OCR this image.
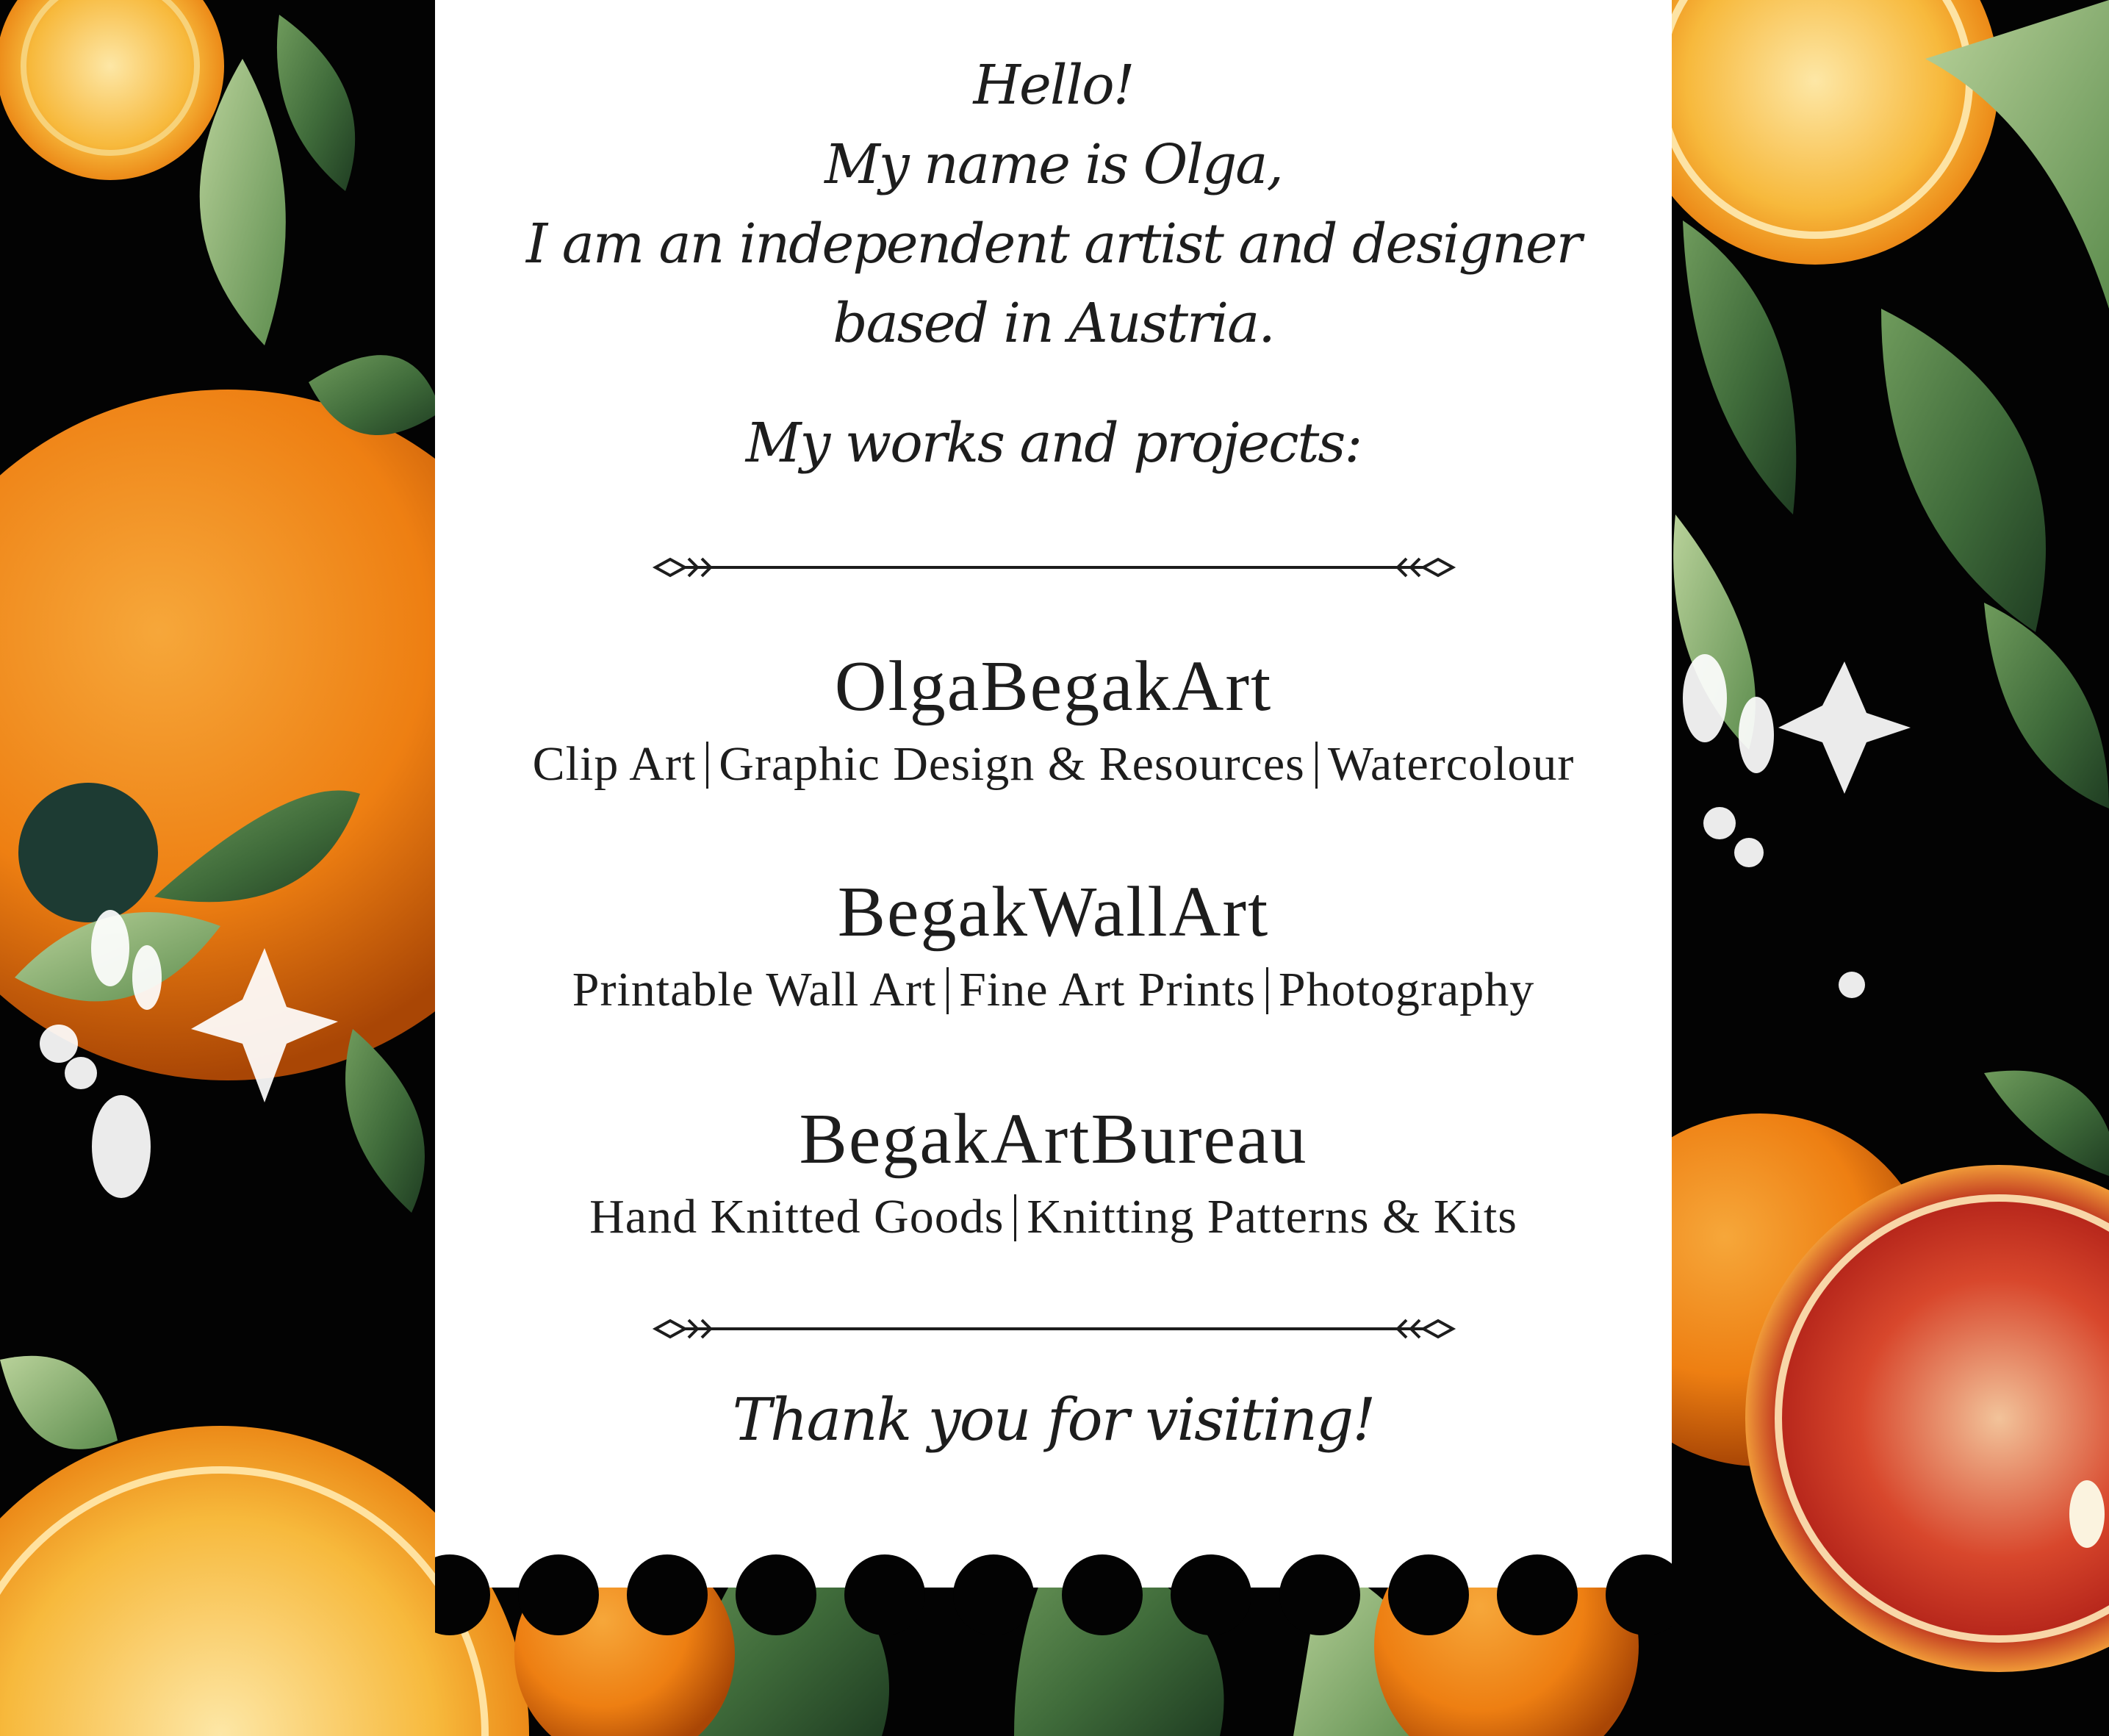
Hello!
My name is Olga,
I am an independent artist and designer
based in Austria.
My works and projects:
OlgaBegakArt
Clip Art Graphic Design & Resources Watercolour
BegakWallArt
Printable Wall Art Fine Art Prints Photography
BegakArtBureau
Hand Knitted Goods Knitting Patterns & Kits
Thank you for visiting!
